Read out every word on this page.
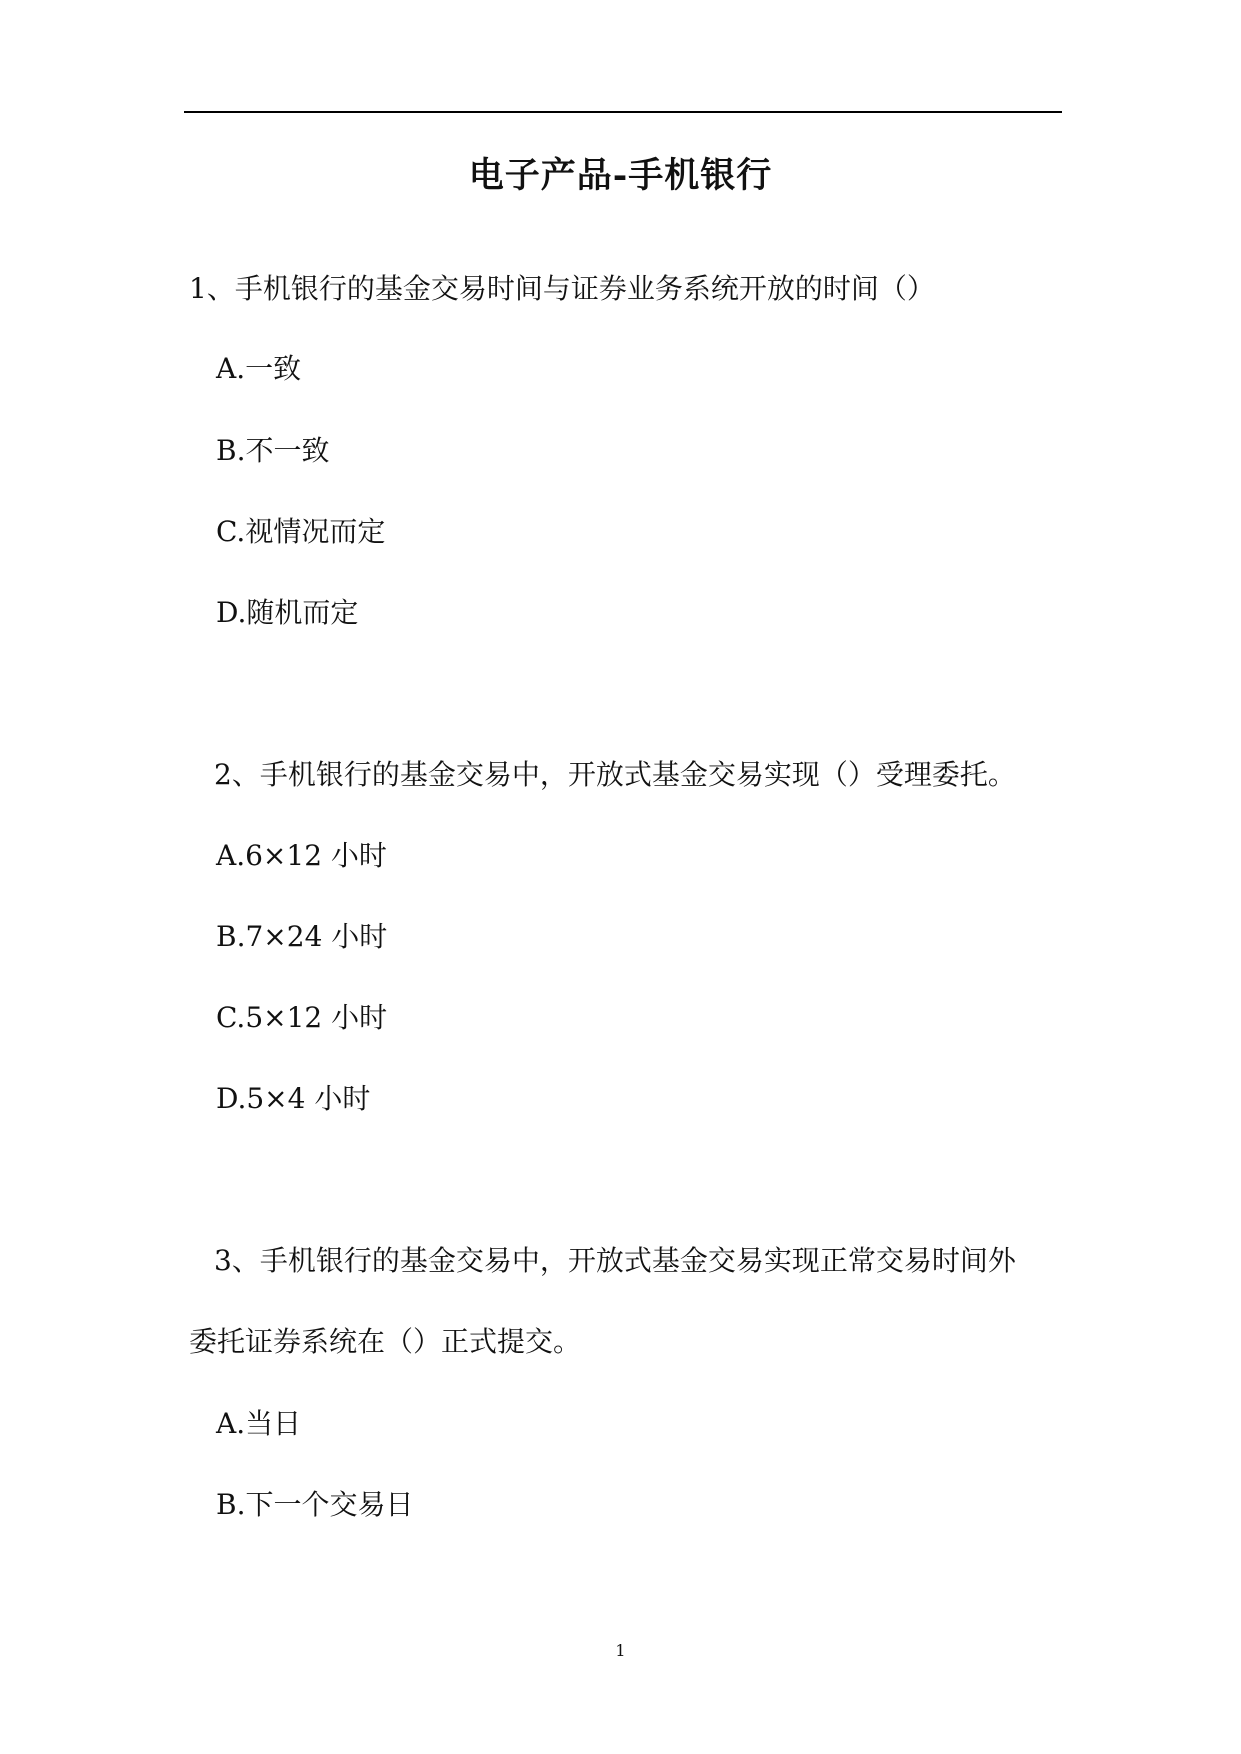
电子产品-手机银行
1、手机银行的基金交易时间与证券业务系统开放的时间（）
A.一致
B.不一致
C.视情况而定
D.随机而定
2、手机银行的基金交易中，开放式基金交易实现（）受理委托。
A.6×12 小时
B.7×24 小时
C.5×12 小时
D.5×4 小时
3、手机银行的基金交易中，开放式基金交易实现正常交易时间外
委托证券系统在（）正式提交。
A.当日
B.下一个交易日
1
